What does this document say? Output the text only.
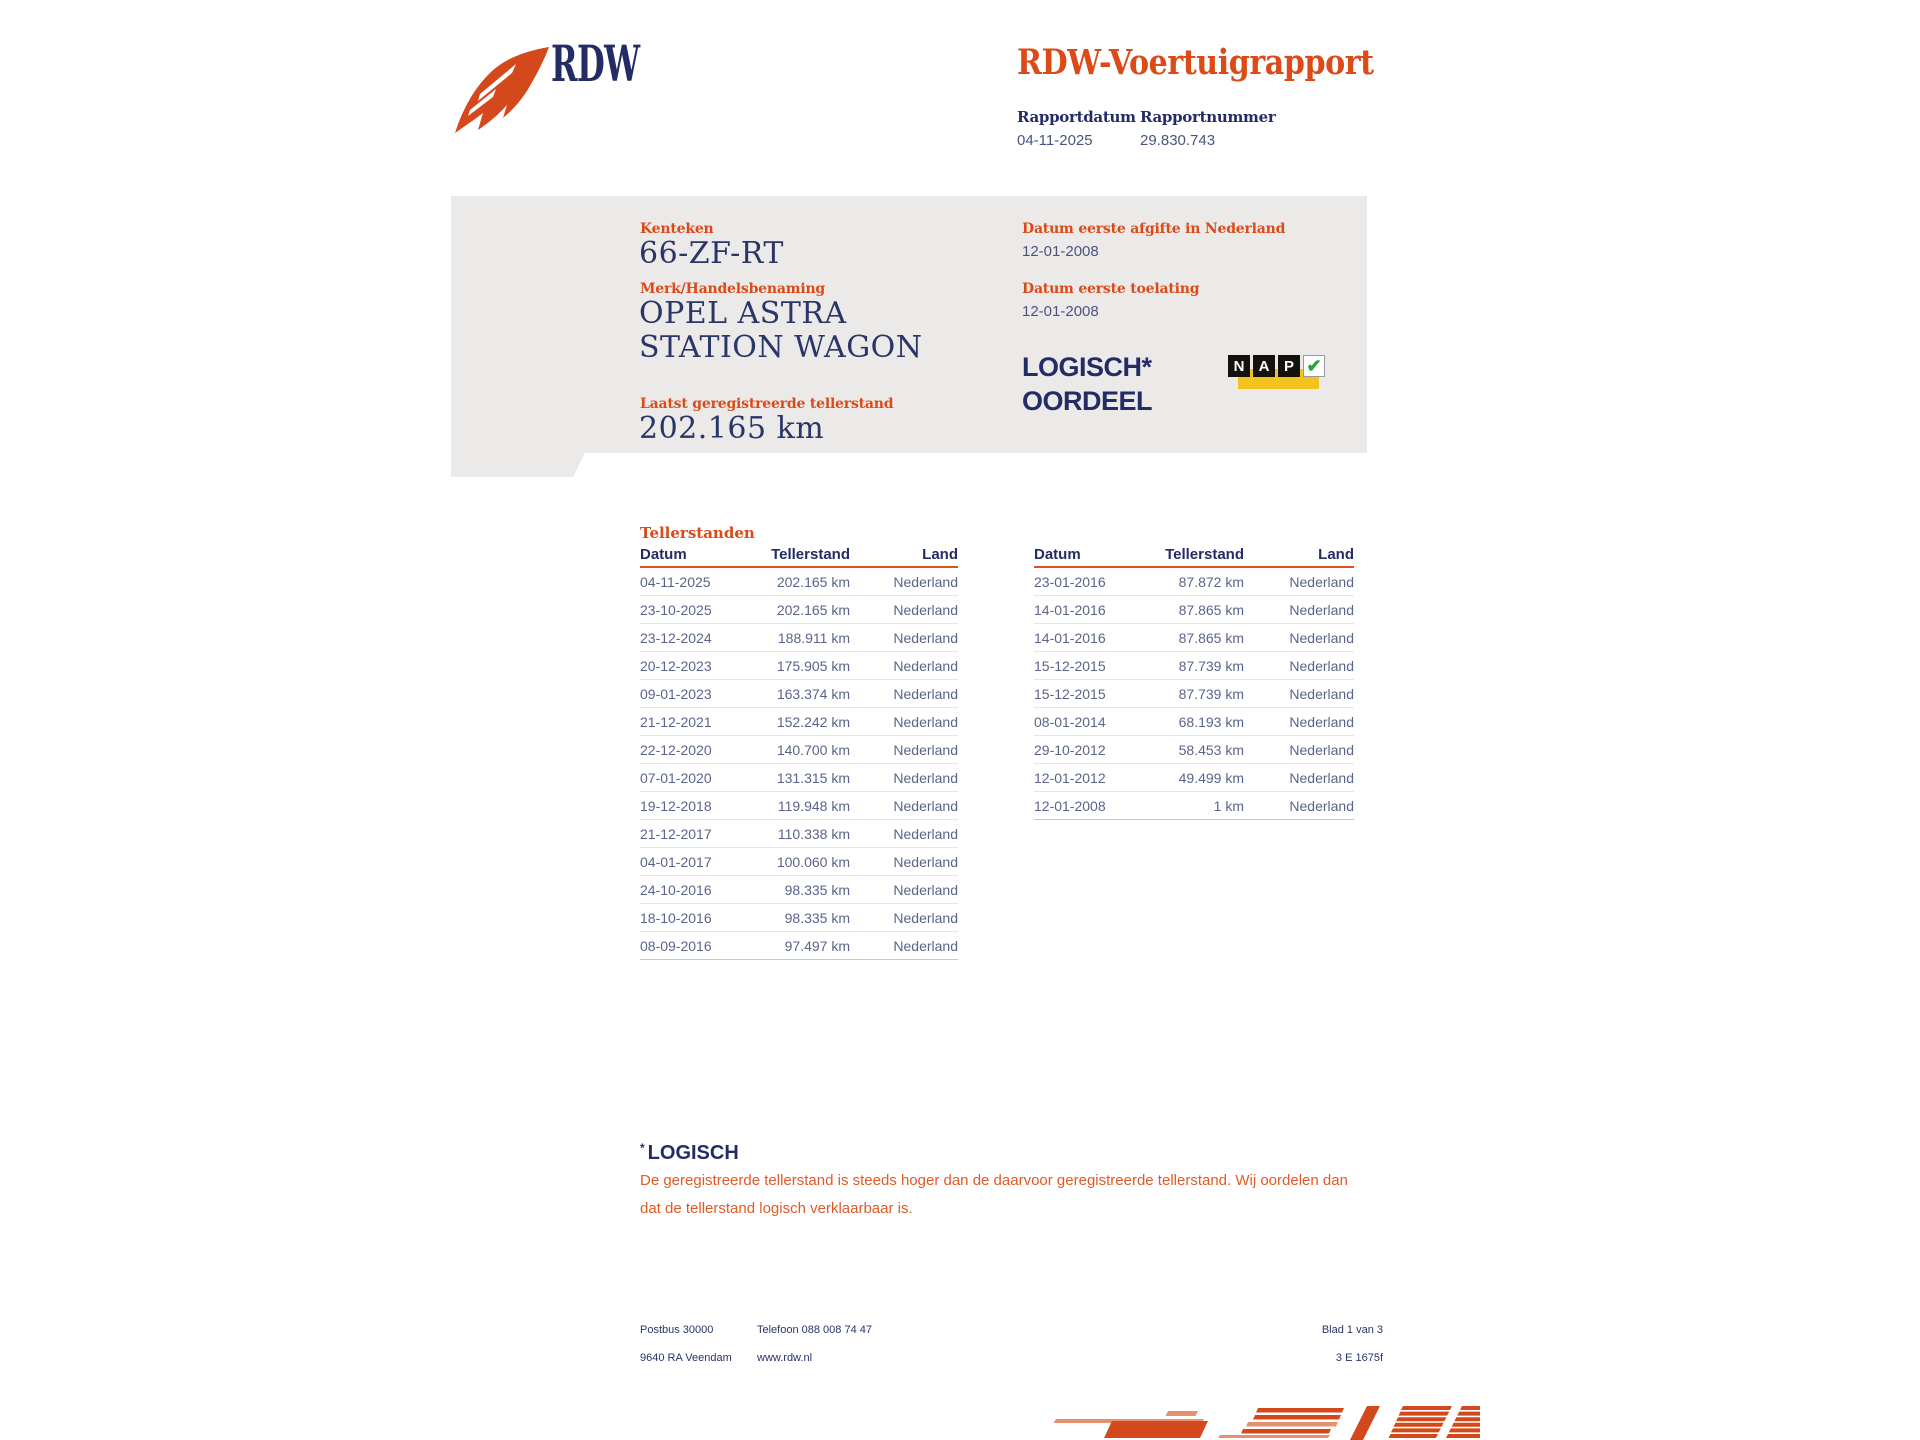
RDW	RDW-Voertuigrapport
Rapportdatum Rapportnummer
04-11-2025	29.830.743
Kenteken
66-ZF-RT
Merk/Handelsbenaming
OPEL ASTRA
STATION WAGON
Laatst geregistreerde tellerstand
202.165 km
Datum eerste afgifte in Nederland
12-01-2008
Datum eerste toelating
12-01-2008
LOGISCH*
OORDEEL
N A P ✔
Tellerstanden
Datum	Tellerstand	Land
04-11-2025	202.165 km	Nederland
23-10-2025	202.165 km	Nederland
23-12-2024	188.911 km	Nederland
20-12-2023	175.905 km	Nederland
09-01-2023	163.374 km	Nederland
21-12-2021	152.242 km	Nederland
22-12-2020	140.700 km	Nederland
07-01-2020	131.315 km	Nederland
19-12-2018	119.948 km	Nederland
21-12-2017	110.338 km	Nederland
04-01-2017	100.060 km	Nederland
24-10-2016	98.335 km	Nederland
18-10-2016	98.335 km	Nederland
08-09-2016	97.497 km	Nederland
Datum	Tellerstand	Land
23-01-2016	87.872 km	Nederland
14-01-2016	87.865 km	Nederland
14-01-2016	87.865 km	Nederland
15-12-2015	87.739 km	Nederland
15-12-2015	87.739 km	Nederland
08-01-2014	68.193 km	Nederland
29-10-2012	58.453 km	Nederland
12-01-2012	49.499 km	Nederland
12-01-2008	1 km	Nederland
* LOGISCH
De geregistreerde tellerstand is steeds hoger dan de daarvoor geregistreerde tellerstand. Wij oordelen dan
dat de tellerstand logisch verklaarbaar is.
Postbus 30000
9640 RA Veendam
Telefoon 088 008 74 47
www.rdw.nl
Blad 1 van 3
3 E 1675f
